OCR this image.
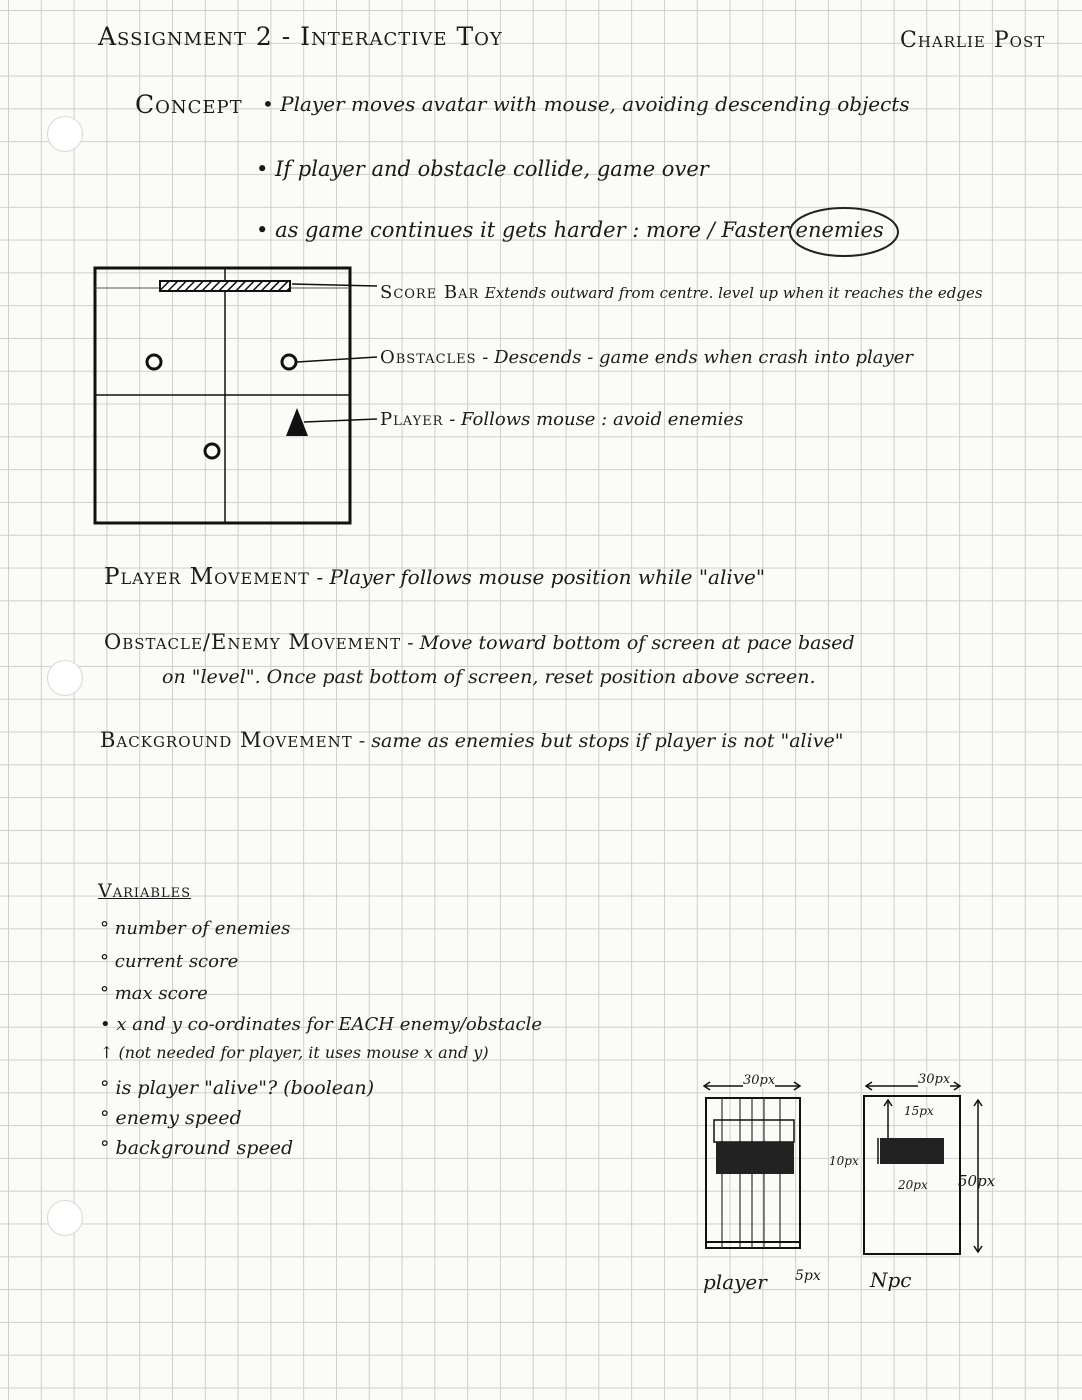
Assignment 2 - Interactive Toy	Charlie Post
Concept • Player moves avatar with mouse, avoiding descending objects
• If player and obstacle collide, game over
• as game continues it gets harder : more / Faster enemies
Score Bar Extends outward from centre. level up when it reaches the edges
Obstacles - Descends - game ends when crash into player
Player - Follows mouse : avoid enemies
Player Movement - Player follows mouse position while "alive"
Obstacle/Enemy Movement - Move toward bottom of screen at pace based
on "level". Once past bottom of screen, reset position above screen.
Background Movement - same as enemies but stops if player is not "alive"
Variables
° number of enemies
° current score
° max score
• x and y co-ordinates for EACH enemy/obstacle
↑ (not needed for player, it uses mouse x and y)
° is player "alive"? (boolean)
° enemy speed
° background speed
30px
player 5px
30px
15px
10px
20px 50px
Npc
